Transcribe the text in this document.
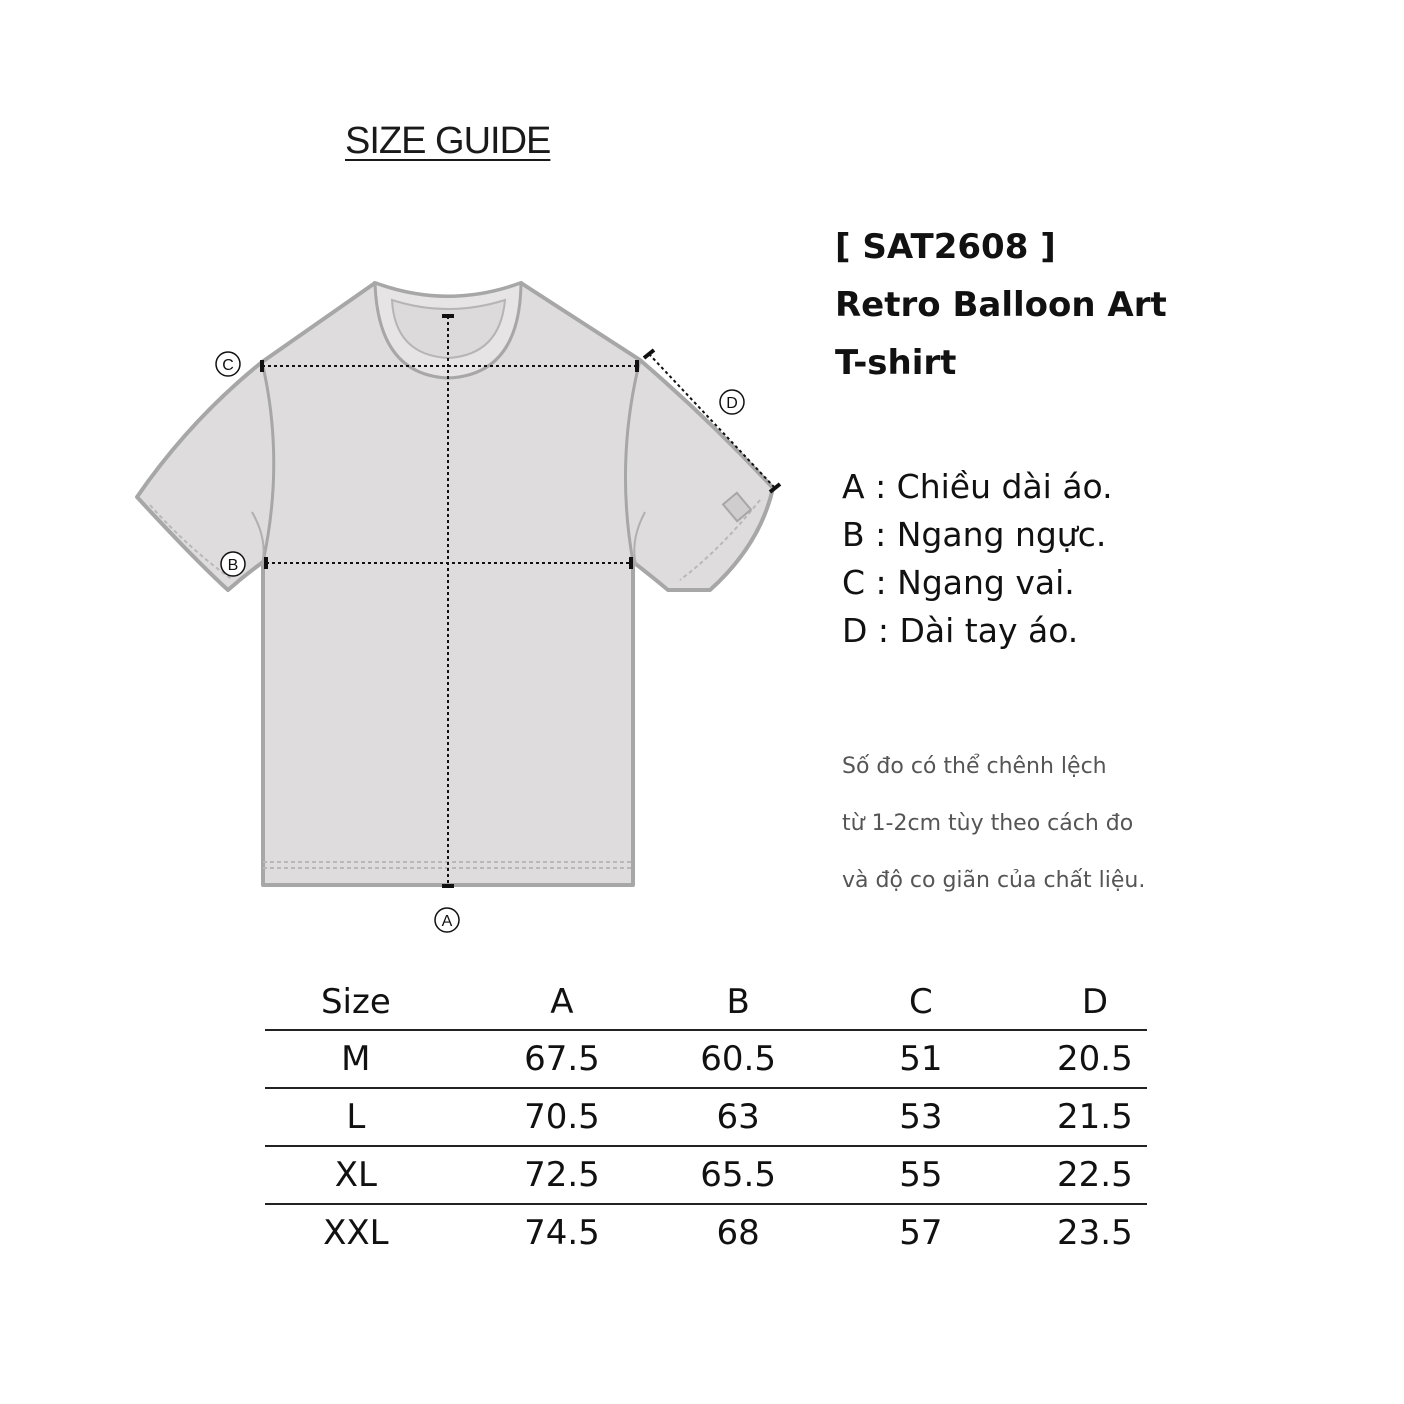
SIZE GUIDE
A
B
C
D
[ SAT2608 ]
Retro Balloon Art
T-shirt
A : Chiều dài áo.
B : Ngang ngực.
C : Ngang vai.
D : Dài tay áo.
Số đo có thể chênh lệch
từ 1-2cm tùy theo cách đo
và độ co giãn của chất liệu.
Size	A	B	C	D
M	67.5	60.5	51	20.5
L	70.5	63	53	21.5
XL	72.5	65.5	55	22.5
XXL	74.5	68	57	23.5
